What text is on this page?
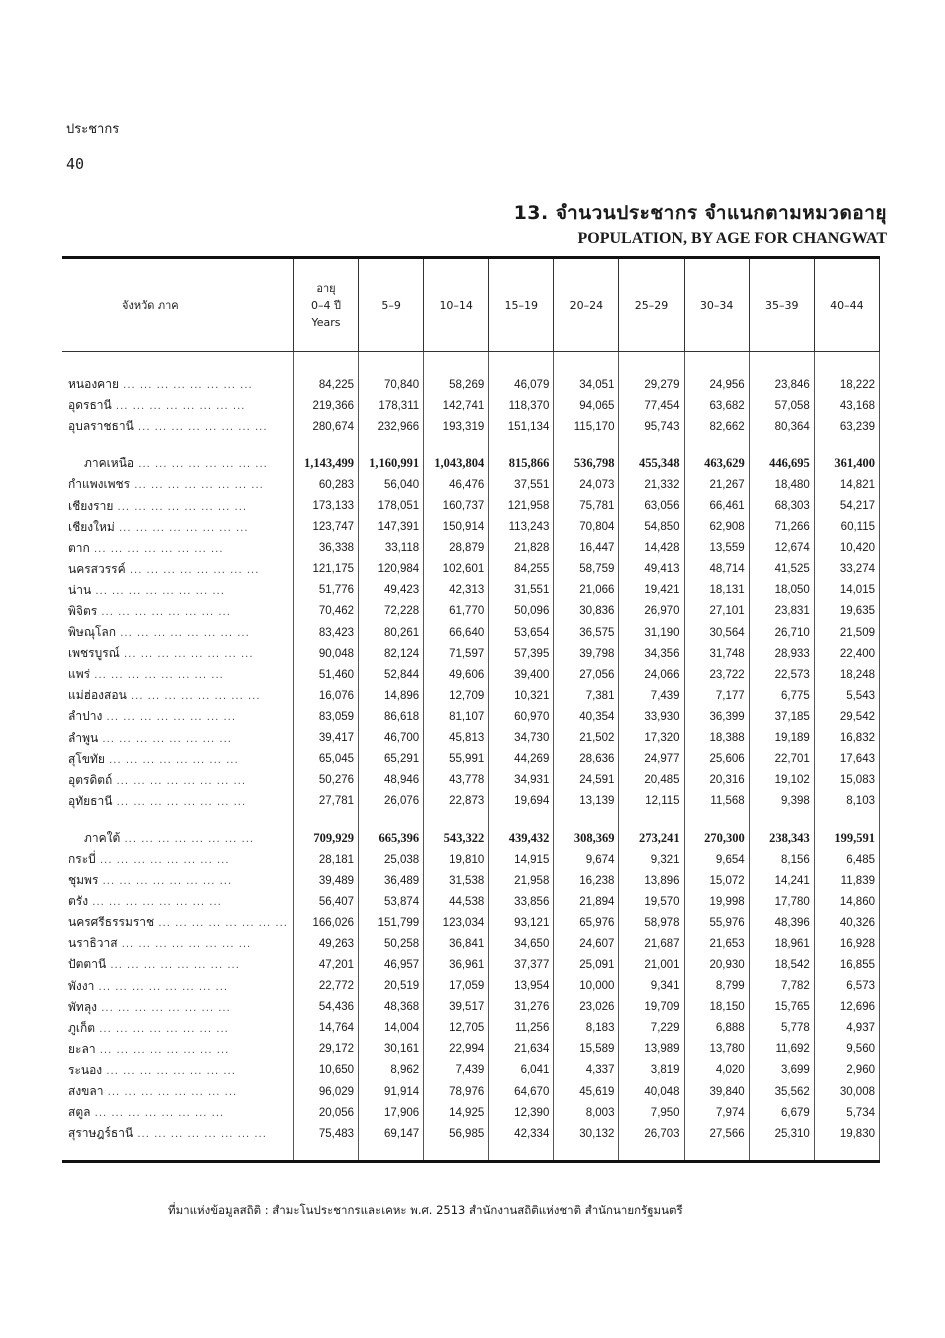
ประชากร
40
13. จำนวนประชากร จำแนกตามหมวดอายุ
POPULATION, BY AGE FOR CHANGWAT
จังหวัด ภาค	อายุ
0–4 ปี
Years	5–9	10–14	15–19	20–24	25–29	30–34	35–39	40–44

หนองคาย ... ... ... ... ... ... ... ...	84,225	70,840	58,269	46,079	34,051	29,279	24,956	23,846	18,222
อุดรธานี ... ... ... ... ... ... ... ...	219,366	178,311	142,741	118,370	94,065	77,454	63,682	57,058	43,168
อุบลราชธานี ... ... ... ... ... ... ... ...	280,674	232,966	193,319	151,134	115,170	95,743	82,662	80,364	63,239

ภาคเหนือ ... ... ... ... ... ... ... ...	1,143,499	1,160,991	1,043,804	815,866	536,798	455,348	463,629	446,695	361,400
กำแพงเพชร ... ... ... ... ... ... ... ...	60,283	56,040	46,476	37,551	24,073	21,332	21,267	18,480	14,821
เชียงราย ... ... ... ... ... ... ... ...	173,133	178,051	160,737	121,958	75,781	63,056	66,461	68,303	54,217
เชียงใหม่ ... ... ... ... ... ... ... ...	123,747	147,391	150,914	113,243	70,804	54,850	62,908	71,266	60,115
ตาก ... ... ... ... ... ... ... ...	36,338	33,118	28,879	21,828	16,447	14,428	13,559	12,674	10,420
นครสวรรค์ ... ... ... ... ... ... ... ...	121,175	120,984	102,601	84,255	58,759	49,413	48,714	41,525	33,274
น่าน ... ... ... ... ... ... ... ...	51,776	49,423	42,313	31,551	21,066	19,421	18,131	18,050	14,015
พิจิตร ... ... ... ... ... ... ... ...	70,462	72,228	61,770	50,096	30,836	26,970	27,101	23,831	19,635
พิษณุโลก ... ... ... ... ... ... ... ...	83,423	80,261	66,640	53,654	36,575	31,190	30,564	26,710	21,509
เพชรบูรณ์ ... ... ... ... ... ... ... ...	90,048	82,124	71,597	57,395	39,798	34,356	31,748	28,933	22,400
แพร่ ... ... ... ... ... ... ... ...	51,460	52,844	49,606	39,400	27,056	24,066	23,722	22,573	18,248
แม่ฮ่องสอน ... ... ... ... ... ... ... ...	16,076	14,896	12,709	10,321	7,381	7,439	7,177	6,775	5,543
ลำปาง ... ... ... ... ... ... ... ...	83,059	86,618	81,107	60,970	40,354	33,930	36,399	37,185	29,542
ลำพูน ... ... ... ... ... ... ... ...	39,417	46,700	45,813	34,730	21,502	17,320	18,388	19,189	16,832
สุโขทัย ... ... ... ... ... ... ... ...	65,045	65,291	55,991	44,269	28,636	24,977	25,606	22,701	17,643
อุตรดิตถ์ ... ... ... ... ... ... ... ...	50,276	48,946	43,778	34,931	24,591	20,485	20,316	19,102	15,083
อุทัยธานี ... ... ... ... ... ... ... ...	27,781	26,076	22,873	19,694	13,139	12,115	11,568	9,398	8,103

ภาคใต้ ... ... ... ... ... ... ... ...	709,929	665,396	543,322	439,432	308,369	273,241	270,300	238,343	199,591
กระบี่ ... ... ... ... ... ... ... ...	28,181	25,038	19,810	14,915	9,674	9,321	9,654	8,156	6,485
ชุมพร ... ... ... ... ... ... ... ...	39,489	36,489	31,538	21,958	16,238	13,896	15,072	14,241	11,839
ตรัง ... ... ... ... ... ... ... ...	56,407	53,874	44,538	33,856	21,894	19,570	19,998	17,780	14,860
นครศรีธรรมราช ... ... ... ... ... ... ... ...	166,026	151,799	123,034	93,121	65,976	58,978	55,976	48,396	40,326
นราธิวาส ... ... ... ... ... ... ... ...	49,263	50,258	36,841	34,650	24,607	21,687	21,653	18,961	16,928
ปัตตานี ... ... ... ... ... ... ... ...	47,201	46,957	36,961	37,377	25,091	21,001	20,930	18,542	16,855
พังงา ... ... ... ... ... ... ... ...	22,772	20,519	17,059	13,954	10,000	9,341	8,799	7,782	6,573
พัทลุง ... ... ... ... ... ... ... ...	54,436	48,368	39,517	31,276	23,026	19,709	18,150	15,765	12,696
ภูเก็ต ... ... ... ... ... ... ... ...	14,764	14,004	12,705	11,256	8,183	7,229	6,888	5,778	4,937
ยะลา ... ... ... ... ... ... ... ...	29,172	30,161	22,994	21,634	15,589	13,989	13,780	11,692	9,560
ระนอง ... ... ... ... ... ... ... ...	10,650	8,962	7,439	6,041	4,337	3,819	4,020	3,699	2,960
สงขลา ... ... ... ... ... ... ... ...	96,029	91,914	78,976	64,670	45,619	40,048	39,840	35,562	30,008
สตูล ... ... ... ... ... ... ... ...	20,056	17,906	14,925	12,390	8,003	7,950	7,974	6,679	5,734
สุราษฎร์ธานี ... ... ... ... ... ... ... ...	75,483	69,147	56,985	42,334	30,132	26,703	27,566	25,310	19,830

ที่มาแห่งข้อมูลสถิติ : สำมะโนประชากรและเคหะ พ.ศ. 2513 สำนักงานสถิติแห่งชาติ สำนักนายกรัฐมนตรี
